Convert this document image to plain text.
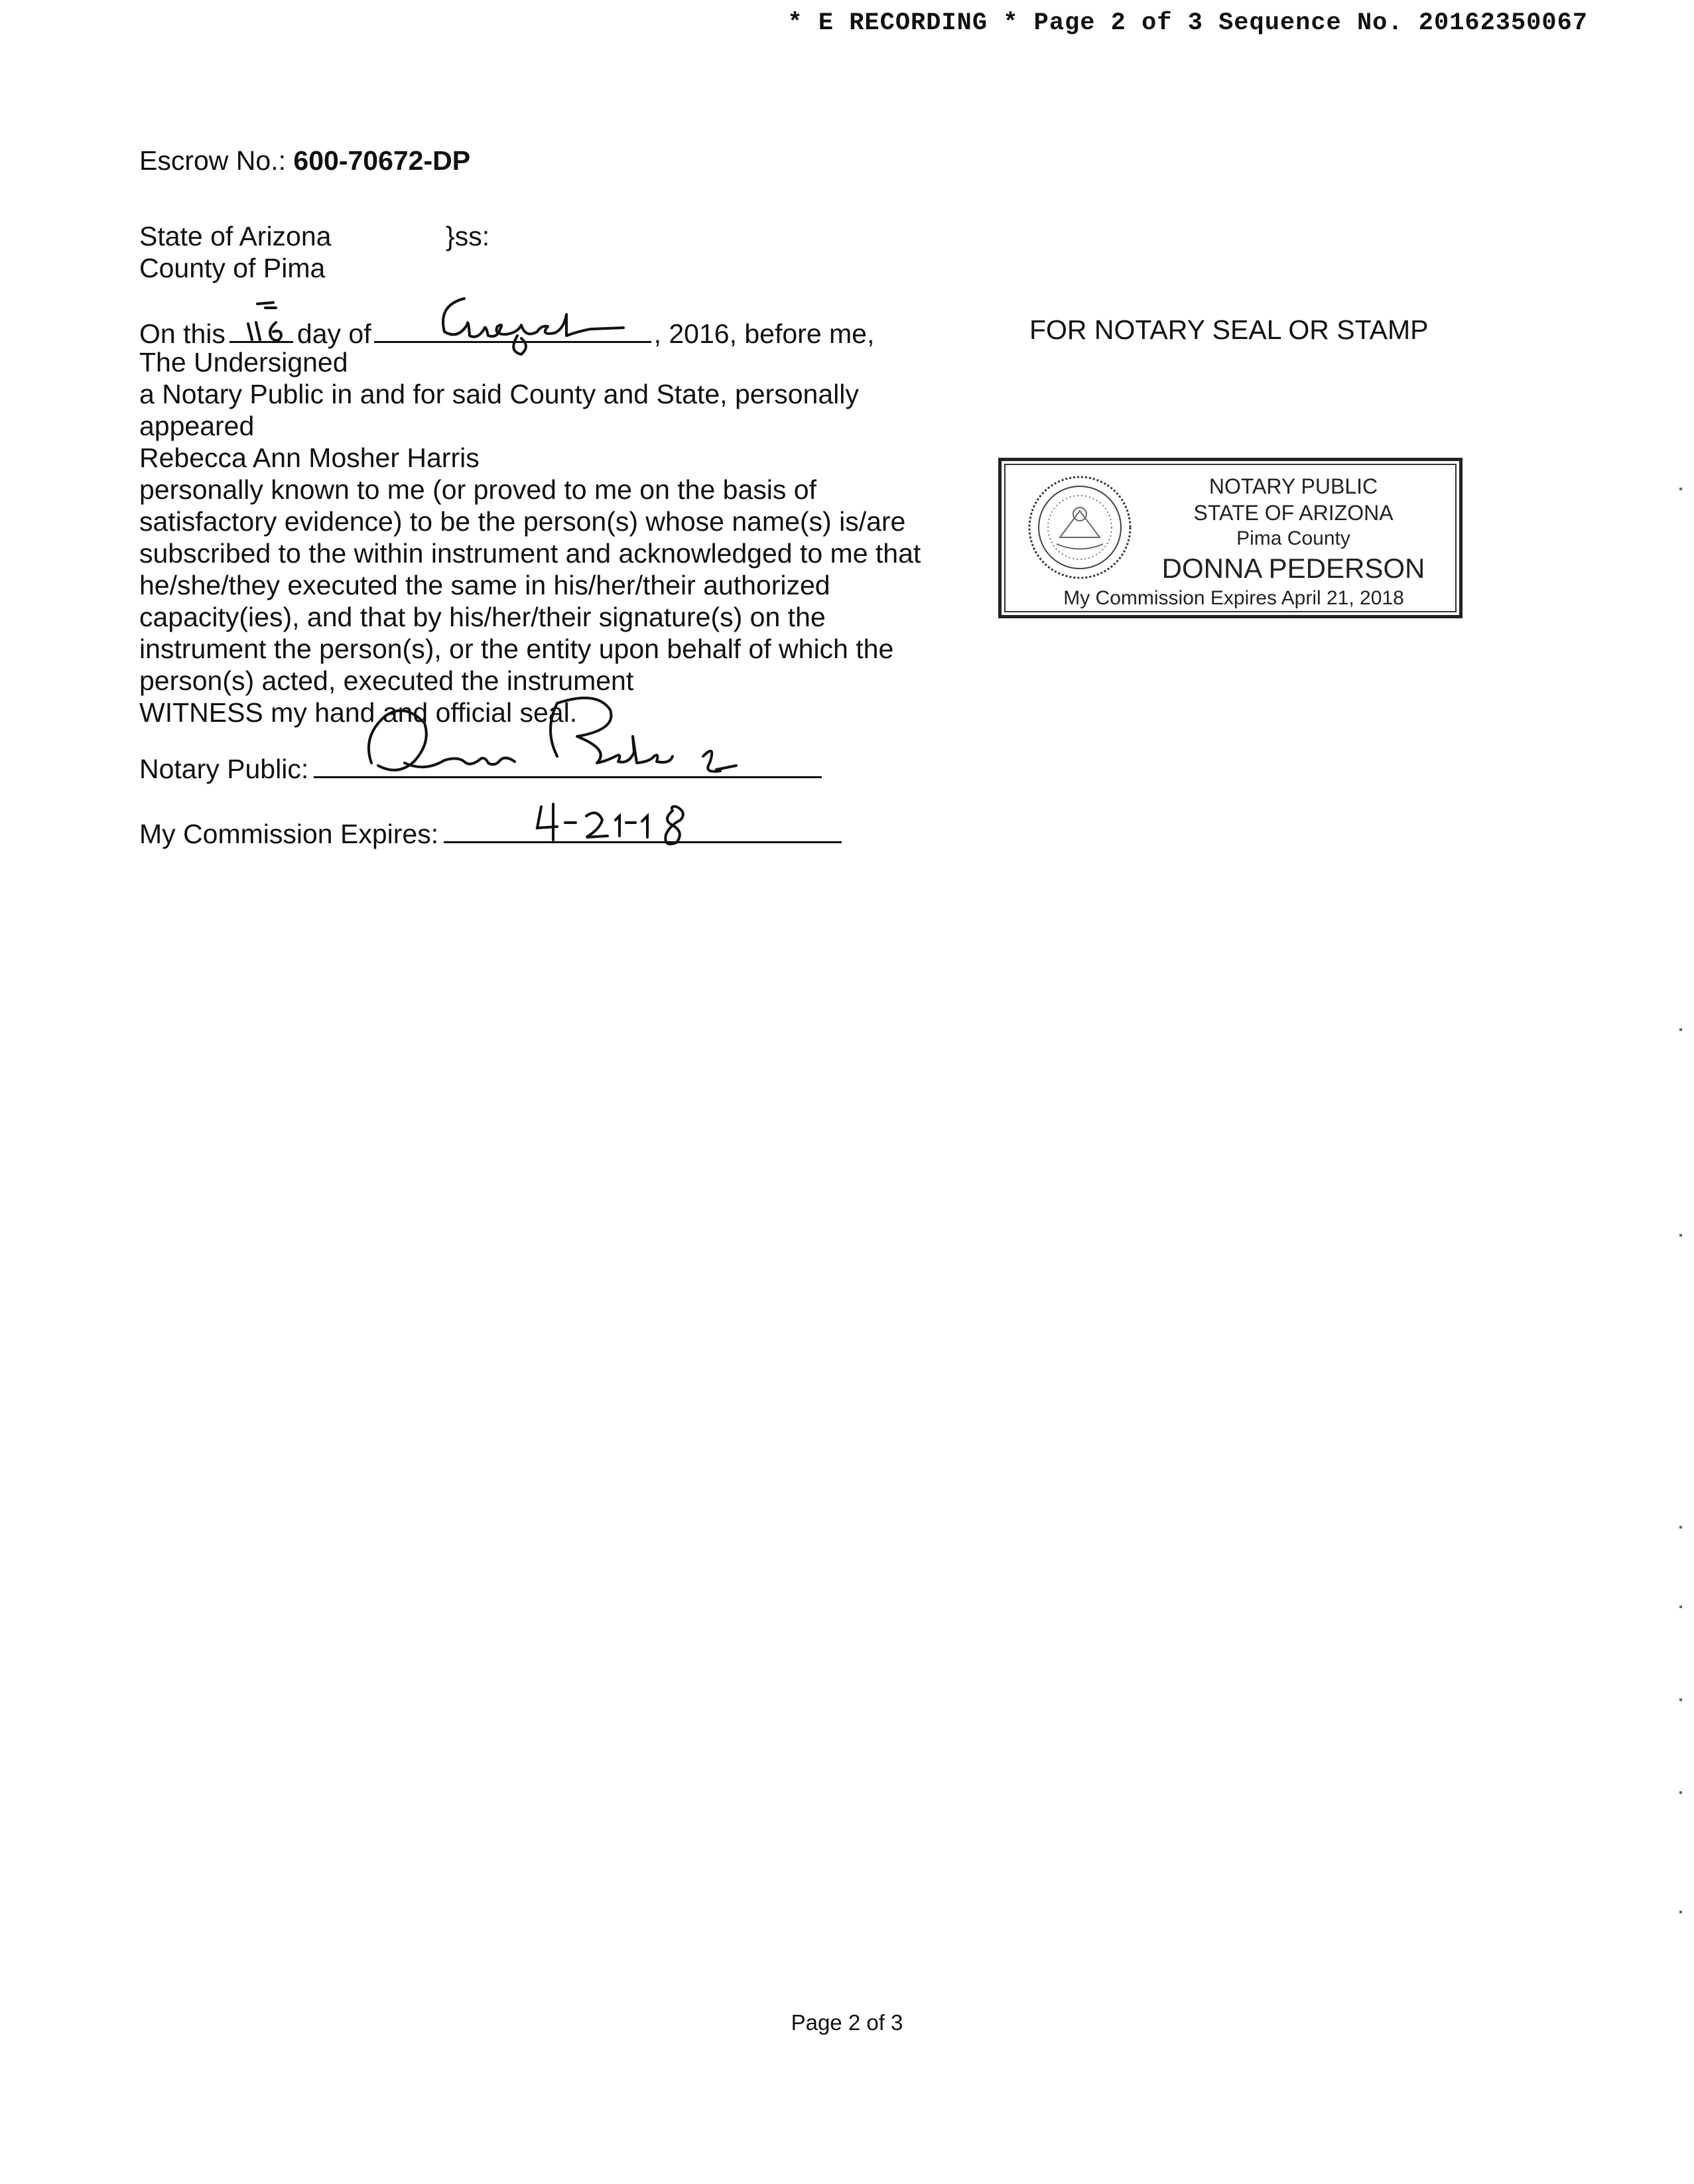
* E RECORDING * Page 2 of 3 Sequence No. 20162350067
Escrow No.: 600-70672-DP
State of Arizona	}ss:
County of Pima
On this	day of	, 2016, before me,
The Undersigned
a Notary Public in and for said County and State, personally
appeared
Rebecca Ann Mosher Harris
personally known to me (or proved to me on the basis of
satisfactory evidence) to be the person(s) whose name(s) is/are
subscribed to the within instrument and acknowledged to me that
he/she/they executed the same in his/her/their authorized
capacity(ies), and that by his/her/their signature(s) on the
instrument the person(s), or the entity upon behalf of which the
person(s) acted, executed the instrument
WITNESS my hand and official seal.
Notary Public:
My Commission Expires:
FOR NOTARY SEAL OR STAMP
NOTARY PUBLIC
STATE OF ARIZONA
Pima County
DONNA PEDERSON
My Commission Expires April 21, 2018
Page 2 of 3
